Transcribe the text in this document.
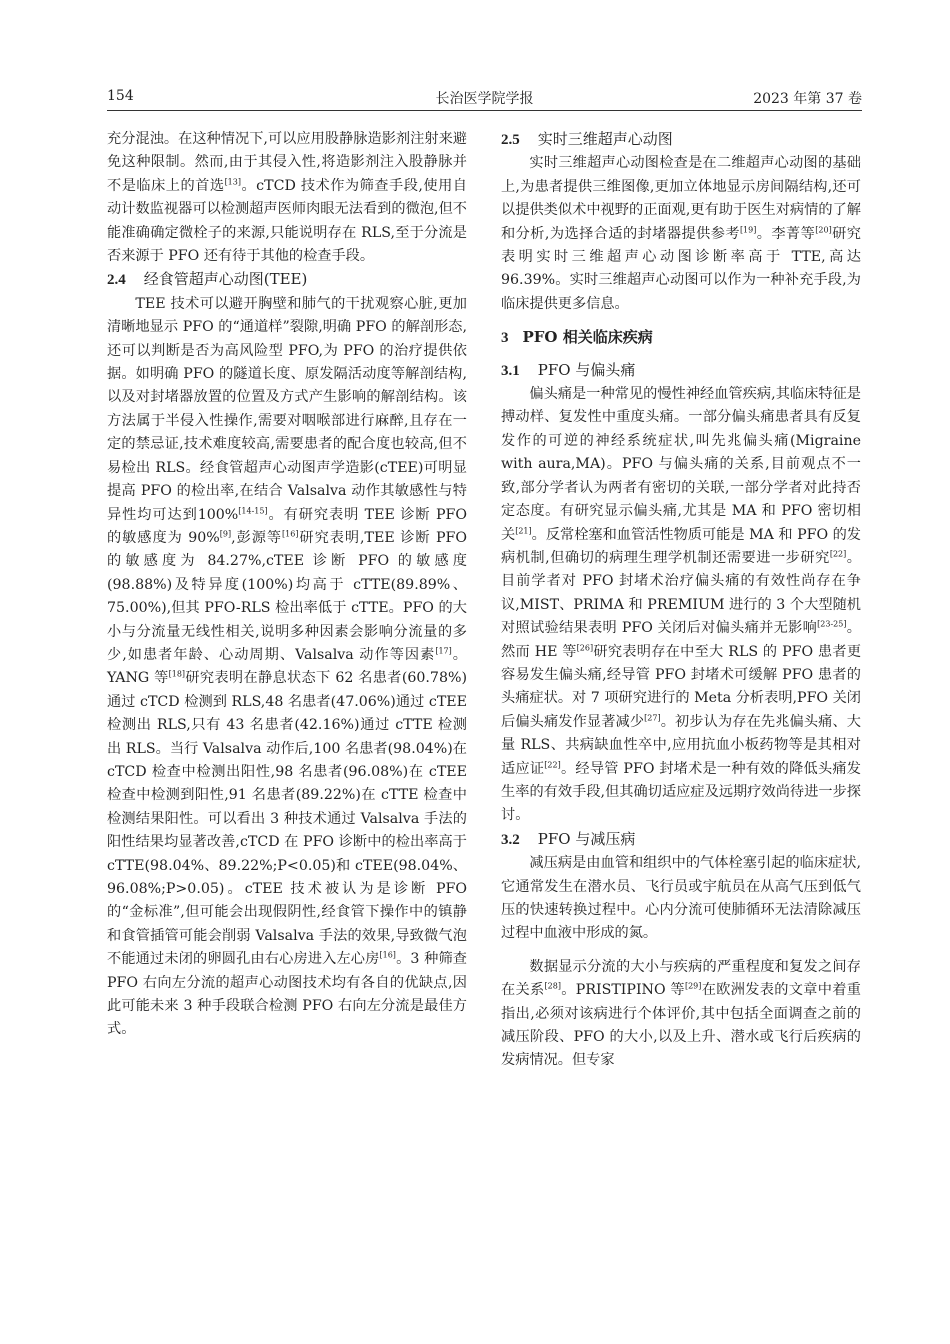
154	长治医学院学报	2023 年第 37 卷

充分混浊。在这种情况下,可以应用股静脉造影剂注射来避免这种限制。然而,由于其侵入性,将造影剂注入股静脉并不是临床上的首选[13]。cTCD 技术作为筛查手段,使用自动计数监视器可以检测超声医师肉眼无法看到的微泡,但不能准确确定微栓子的来源,只能说明存在 RLS,至于分流是否来源于 PFO 还有待于其他的检查手段。

2.4 经食管超声心动图(TEE)

TEE 技术可以避开胸壁和肺气的干扰观察心脏,更加清晰地显示 PFO 的“通道样”裂隙,明确 PFO 的解剖形态,还可以判断是否为高风险型 PFO,为 PFO 的治疗提供依据。如明确 PFO 的隧道长度、原发隔活动度等解剖结构,以及对封堵器放置的位置及方式产生影响的解剖结构。该方法属于半侵入性操作,需要对咽喉部进行麻醉,且存在一定的禁忌证,技术难度较高,需要患者的配合度也较高,但不易检出 RLS。经食管超声心动图声学造影(cTEE)可明显提高 PFO 的检出率,在结合 Valsalva 动作其敏感性与特异性均可达到100%[14-15]。有研究表明 TEE 诊断 PFO 的敏感度为 90%[9],彭源等[16]研究表明,TEE 诊断 PFO 的敏感度为 84.27%,cTEE 诊断 PFO 的敏感度(98.88%)及特异度(100%)均高于 cTTE(89.89%、75.00%),但其 PFO-RLS 检出率低于 cTTE。PFO 的大小与分流量无线性相关,说明多种因素会影响分流量的多少,如患者年龄、心动周期、Valsalva 动作等因素[17]。YANG 等[18]研究表明在静息状态下 62 名患者(60.78%)通过 cTCD 检测到 RLS,48 名患者(47.06%)通过 cTEE 检测出 RLS,只有 43 名患者(42.16%)通过 cTTE 检测出 RLS。当行 Valsalva 动作后,100 名患者(98.04%)在 cTCD 检查中检测出阳性,98 名患者(96.08%)在 cTEE 检查中检测到阳性,91 名患者(89.22%)在 cTTE 检查中检测结果阳性。可以看出 3 种技术通过 Valsalva 手法的阳性结果均显著改善,cTCD 在 PFO 诊断中的检出率高于 cTTE(98.04%、89.22%;P<0.05)和 cTEE(98.04%、96.08%;P>0.05)。cTEE 技术被认为是诊断 PFO 的“金标准”,但可能会出现假阴性,经食管下操作中的镇静和食管插管可能会削弱 Valsalva 手法的效果,导致微气泡不能通过未闭的卵圆孔由右心房进入左心房[16]。3 种筛查 PFO 右向左分流的超声心动图技术均有各自的优缺点,因此可能未来 3 种手段联合检测 PFO 右向左分流是最佳方式。

2.5 实时三维超声心动图

实时三维超声心动图检查是在二维超声心动图的基础上,为患者提供三维图像,更加立体地显示房间隔结构,还可以提供类似术中视野的正面观,更有助于医生对病情的了解和分析,为选择合适的封堵器提供参考[19]。李菁等[20]研究表明实时三维超声心动图诊断率高于 TTE,高达 96.39%。实时三维超声心动图可以作为一种补充手段,为临床提供更多信息。

3 PFO 相关临床疾病
3.1 PFO 与偏头痛

偏头痛是一种常见的慢性神经血管疾病,其临床特征是搏动样、复发性中重度头痛。一部分偏头痛患者具有反复发作的可逆的神经系统症状,叫先兆偏头痛(Migraine with aura,MA)。PFO 与偏头痛的关系,目前观点不一致,部分学者认为两者有密切的关联,一部分学者对此持否定态度。有研究显示偏头痛,尤其是 MA 和 PFO 密切相关[21]。反常栓塞和血管活性物质可能是 MA 和 PFO 的发病机制,但确切的病理生理学机制还需要进一步研究[22]。目前学者对 PFO 封堵术治疗偏头痛的有效性尚存在争议,MIST、PRIMA 和 PREMIUM 进行的 3 个大型随机对照试验结果表明 PFO 关闭后对偏头痛并无影响[23-25]。然而 HE 等[26]研究表明存在中至大 RLS 的 PFO 患者更容易发生偏头痛,经导管 PFO 封堵术可缓解 PFO 患者的头痛症状。对 7 项研究进行的 Meta 分析表明,PFO 关闭后偏头痛发作显著减少[27]。初步认为存在先兆偏头痛、大量 RLS、共病缺血性卒中,应用抗血小板药物等是其相对适应证[22]。经导管 PFO 封堵术是一种有效的降低头痛发生率的有效手段,但其确切适应症及远期疗效尚待进一步探讨。

3.2 PFO 与减压病

减压病是由血管和组织中的气体栓塞引起的临床症状,它通常发生在潜水员、飞行员或宇航员在从高气压到低气压的快速转换过程中。心内分流可使肺循环无法清除减压过程中血液中形成的氮。

数据显示分流的大小与疾病的严重程度和复发之间存在关系[28]。PRISTIPINO 等[29]在欧洲发表的文章中着重指出,必须对该病进行个体评价,其中包括全面调查之前的减压阶段、PFO 的大小,以及上升、潜水或飞行后疾病的发病情况。但专家
